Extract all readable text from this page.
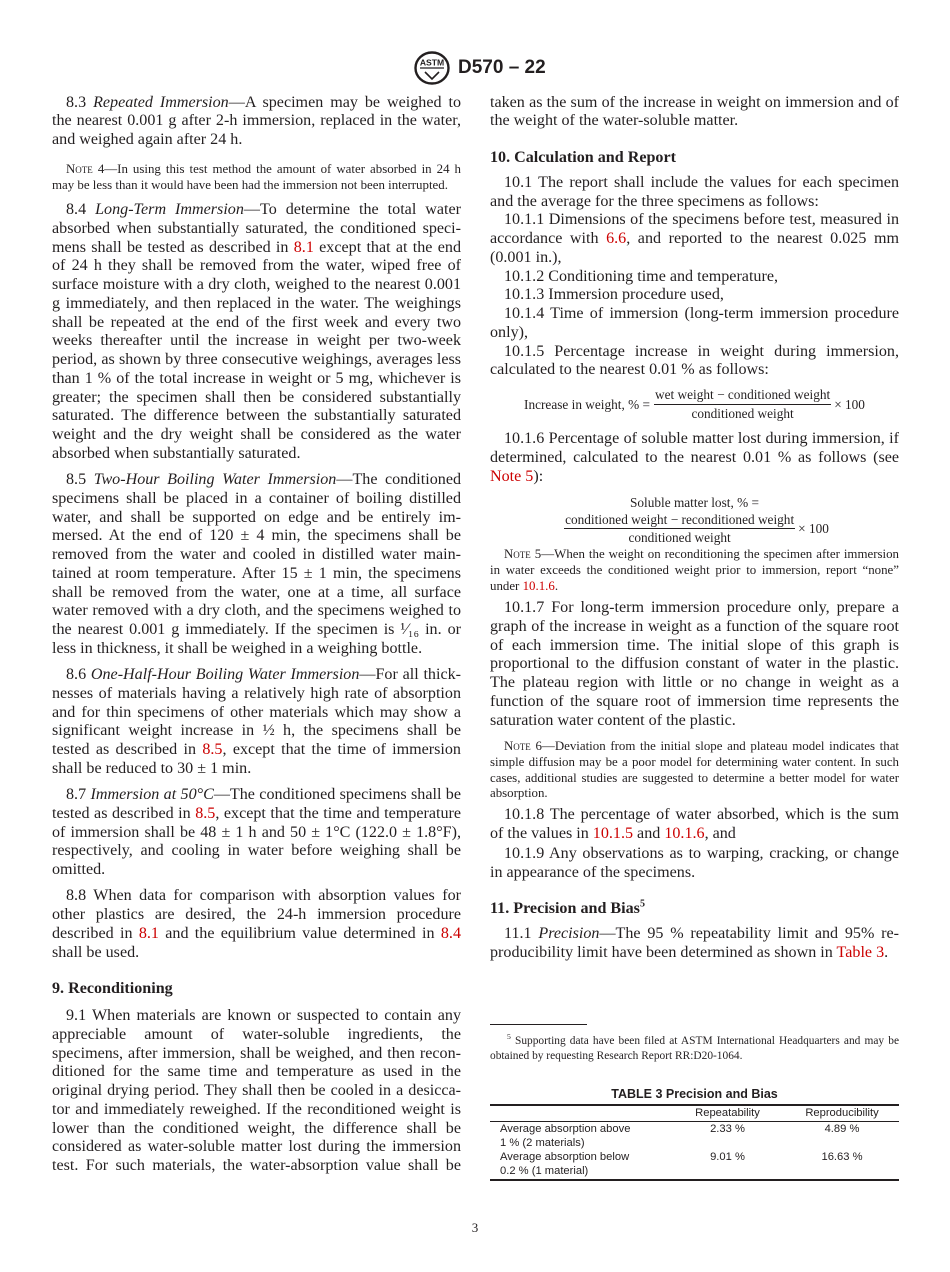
ASTM D570 – 22

8.3 Repeated Immersion—A specimen may be weighed to the nearest 0.001 g after 2-h immersion, replaced in the water, and weighed again after 24 h.

Note 4—In using this test method the amount of water absorbed in 24 h may be less than it would have been had the immersion not been interrupted.

8.4 Long-Term Immersion—To determine the total water absorbed when substantially saturated, the conditioned specimens shall be tested as described in 8.1 except that at the end of 24 h they shall be removed from the water, wiped free of surface moisture with a dry cloth, weighed to the nearest 0.001 g immediately, and then replaced in the water. The weighings shall be repeated at the end of the first week and every two weeks thereafter until the increase in weight per two-week period, as shown by three consecutive weighings, averages less than 1 % of the total increase in weight or 5 mg, whichever is greater; the specimen shall then be considered substantially saturated. The difference between the substantially saturated weight and the dry weight shall be considered as the water absorbed when substantially saturated.

8.5 Two-Hour Boiling Water Immersion—The conditioned specimens shall be placed in a container of boiling distilled water, and shall be supported on edge and be entirely immersed. At the end of 120 ± 4 min, the specimens shall be removed from the water and cooled in distilled water maintained at room temperature. After 15 ± 1 min, the specimens shall be removed from the water, one at a time, all surface water removed with a dry cloth, and the specimens weighed to the nearest 0.001 g immediately. If the specimen is ¹⁄₁₆ in. or less in thickness, it shall be weighed in a weighing bottle.

8.6 One-Half-Hour Boiling Water Immersion—For all thicknesses of materials having a relatively high rate of absorption and for thin specimens of other materials which may show a significant weight increase in ½ h, the specimens shall be tested as described in 8.5, except that the time of immersion shall be reduced to 30 ± 1 min.

8.7 Immersion at 50°C—The conditioned specimens shall be tested as described in 8.5, except that the time and temperature of immersion shall be 48 ± 1 h and 50 ± 1°C (122.0 ± 1.8°F), respectively, and cooling in water before weighing shall be omitted.

8.8 When data for comparison with absorption values for other plastics are desired, the 24-h immersion procedure described in 8.1 and the equilibrium value determined in 8.4 shall be used.

9. Reconditioning

9.1 When materials are known or suspected to contain any appreciable amount of water-soluble ingredients, the specimens, after immersion, shall be weighed, and then reconditioned for the same time and temperature as used in the original drying period. They shall then be cooled in a desiccator and immediately reweighed. If the reconditioned weight is lower than the conditioned weight, the difference shall be considered as water-soluble matter lost during the immersion test. For such materials, the water-absorption value shall be

taken as the sum of the increase in weight on immersion and of the weight of the water-soluble matter.

10. Calculation and Report

10.1 The report shall include the values for each specimen and the average for the three specimens as follows:

10.1.1 Dimensions of the specimens before test, measured in accordance with 6.6, and reported to the nearest 0.025 mm (0.001 in.),

10.1.2 Conditioning time and temperature,

10.1.3 Immersion procedure used,

10.1.4 Time of immersion (long-term immersion procedure only),

10.1.5 Percentage increase in weight during immersion, calculated to the nearest 0.01 % as follows:

Increase in weight, % = $\frac{\text{wet weight − conditioned weight}}{\text{conditioned weight}} \times 100$

10.1.6 Percentage of soluble matter lost during immersion, if determined, calculated to the nearest 0.01 % as follows (see Note 5):

Soluble matter lost, % =
$\frac{\text{conditioned weight − reconditioned weight}}{\text{conditioned weight}} \times 100$

Note 5—When the weight on reconditioning the specimen after immersion in water exceeds the conditioned weight prior to immersion, report “none” under 10.1.6.

10.1.7 For long-term immersion procedure only, prepare a graph of the increase in weight as a function of the square root of each immersion time. The initial slope of this graph is proportional to the diffusion constant of water in the plastic. The plateau region with little or no change in weight as a function of the square root of immersion time represents the saturation water content of the plastic.

Note 6—Deviation from the initial slope and plateau model indicates that simple diffusion may be a poor model for determining water content. In such cases, additional studies are suggested to determine a better model for water absorption.

10.1.8 The percentage of water absorbed, which is the sum of the values in 10.1.5 and 10.1.6, and

10.1.9 Any observations as to warping, cracking, or change in appearance of the specimens.

11. Precision and Bias$^5$

11.1 Precision—The 95 % repeatability limit and 95% reproducibility limit have been determined as shown in Table 3.

$^5$ Supporting data have been filed at ASTM International Headquarters and may be obtained by requesting Research Report RR:D20-1064.

TABLE 3 Precision and Bias
	Repeatability	Reproducibility
Average absorption above 1 % (2 materials)	2.33 %	4.89 %
Average absorption below 0.2 % (1 material)	9.01 %	16.63 %
3
